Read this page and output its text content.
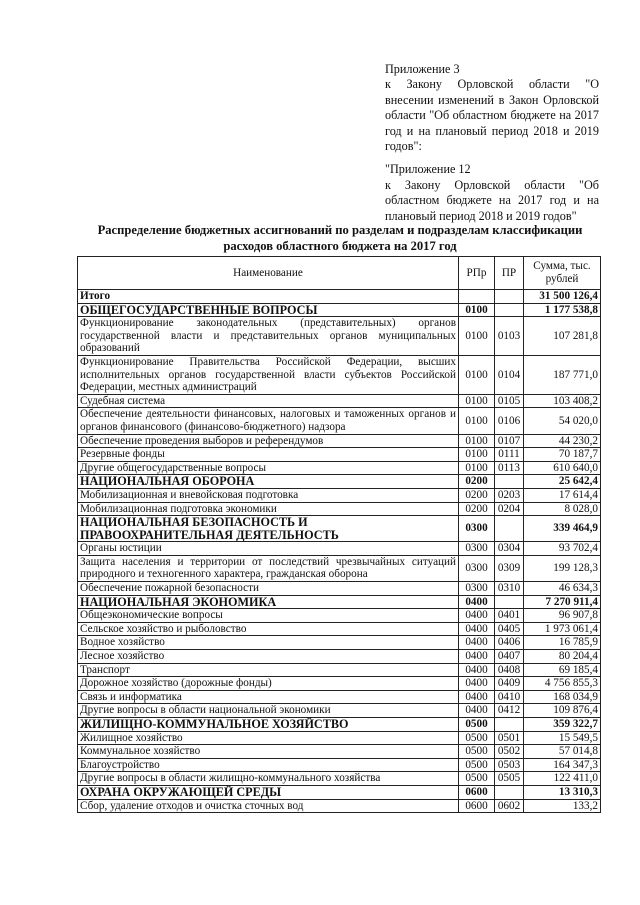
Приложение 3

к Закону Орловской области "О внесении изменений в Закон Орловской области "Об областном бюджете на 2017 год и на плановый период 2018 и 2019 годов":

"Приложение 12

к Закону Орловской области "Об областном бюджете на 2017 год и на плановый период 2018 и 2019 годов"

Распределение бюджетных ассигнований по разделам и подразделам классификации
расходов областного бюджета на 2017 год
Наименование	РПр	ПР	Сумма, тыс. рублей
Итого			31 500 126,4
ОБЩЕГОСУДАРСТВЕННЫЕ ВОПРОСЫ	0100		1 177 538,8
Функционирование законодательных (представительных) органов государственной власти и представительных органов муниципальных образований	0100	0103	107 281,8
Функционирование Правительства Российской Федерации, высших исполнительных органов государственной власти субъектов Российской Федерации, местных администраций	0100	0104	187 771,0
Судебная система	0100	0105	103 408,2
Обеспечение деятельности финансовых, налоговых и таможенных органов и органов финансового (финансово-бюджетного) надзора	0100	0106	54 020,0
Обеспечение проведения выборов и референдумов	0100	0107	44 230,2
Резервные фонды	0100	0111	70 187,7
Другие общегосударственные вопросы	0100	0113	610 640,0
НАЦИОНАЛЬНАЯ ОБОРОНА	0200		25 642,4
Мобилизационная и вневойсковая подготовка	0200	0203	17 614,4
Мобилизационная подготовка экономики	0200	0204	8 028,0
НАЦИОНАЛЬНАЯ БЕЗОПАСНОСТЬ И ПРАВООХРАНИТЕЛЬНАЯ ДЕЯТЕЛЬНОСТЬ	0300		339 464,9
Органы юстиции	0300	0304	93 702,4
Защита населения и территории от последствий чрезвычайных ситуаций природного и техногенного характера, гражданская оборона	0300	0309	199 128,3
Обеспечение пожарной безопасности	0300	0310	46 634,3
НАЦИОНАЛЬНАЯ ЭКОНОМИКА	0400		7 270 911,4
Общеэкономические вопросы	0400	0401	96 907,8
Сельское хозяйство и рыболовство	0400	0405	1 973 061,4
Водное хозяйство	0400	0406	16 785,9
Лесное хозяйство	0400	0407	80 204,4
Транспорт	0400	0408	69 185,4
Дорожное хозяйство (дорожные фонды)	0400	0409	4 756 855,3
Связь и информатика	0400	0410	168 034,9
Другие вопросы в области национальной экономики	0400	0412	109 876,4
ЖИЛИЩНО-КОММУНАЛЬНОЕ ХОЗЯЙСТВО	0500		359 322,7
Жилищное хозяйство	0500	0501	15 549,5
Коммунальное хозяйство	0500	0502	57 014,8
Благоустройство	0500	0503	164 347,3
Другие вопросы в области жилищно-коммунального хозяйства	0500	0505	122 411,0
ОХРАНА ОКРУЖАЮЩЕЙ СРЕДЫ	0600		13 310,3
Сбор, удаление отходов и очистка сточных вод	0600	0602	133,2
